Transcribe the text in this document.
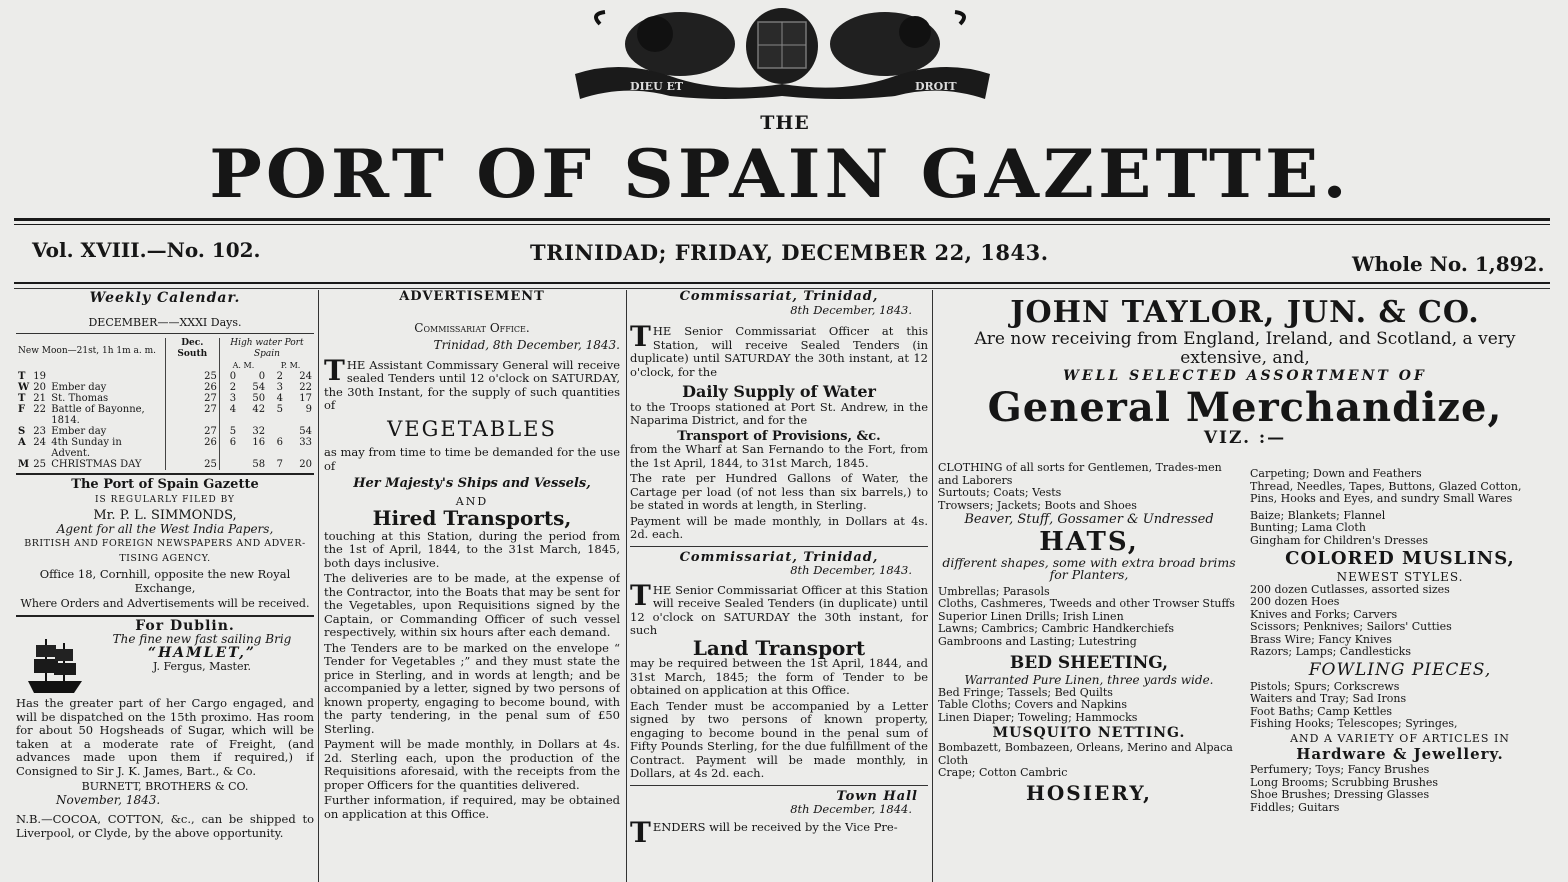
DIEU ET	DROIT
THE
PORT OF SPAIN GAZETTE.
Vol. XVIII.—No. 102.	TRINIDAD; FRIDAY, DECEMBER 22, 1843.	Whole No. 1,892.
Weekly Calendar.
DECEMBER——XXXI Days.
New Moon—21st, 1h 1m a. m.			Dec. South	High water Port Spain			
				A. M.		P. M.	
T	19		25	0	0	2	24
W	20	Ember day	26	2	54	3	22
T	21	St. Thomas	27	3	50	4	17
F	22	Battle of Bayonne, 1814.	27	4	42	5	9
S	23	Ember day	27	5	32		54
A	24	4th Sunday in Advent.	26	6	16	6	33
M	25	CHRISTMAS DAY	25		58	7	20
The Port of Spain Gazette
IS REGULARLY FILED BY
Mr. P. L. SIMMONDS,
Agent for all the West India Papers,

BRITISH AND FOREIGN NEWSPAPERS AND ADVER-TISING AGENCY.

Office 18, Cornhill, opposite the new Royal Exchange,

Where Orders and Advertisements will be received.

For Dublin.
The fine new fast sailing Brig
“HAMLET,”
J. Fergus, Master.

Has the greater part of her Cargo engaged, and will be dispatched on the 15th proximo. Has room for about 50 Hogsheads of Sugar, which will be taken at a moderate rate of Freight, (and advances made upon them if required,) if Consigned to Sir J. K. James, Bart., & Co.

BURNETT, BROTHERS & CO.
November, 1843.

N.B.—COCOA, COTTON, &c., can be shipped to Liverpool, or Clyde, by the above opportunity.

ADVERTISEMENT
Commissariat Office.
Trinidad, 8th December, 1843.

THE Assistant Commissary General will receive sealed Tenders until 12 o'clock on SATURDAY, the 30th Instant, for the supply of such quantities of

VEGETABLES

as may from time to time be demanded for the use of

Her Majesty's Ships and Vessels,
AND
Hired Transports,

touching at this Station, during the period from the 1st of April, 1844, to the 31st March, 1845, both days inclusive.

The deliveries are to be made, at the expense of the Contractor, into the Boats that may be sent for the Vegetables, upon Requisitions signed by the Captain, or Commanding Officer of such vessel respectively, within six hours after each demand.

The Tenders are to be marked on the envelope “ Tender for Vegetables ;” and they must state the price in Sterling, and in words at length; and be accompanied by a letter, signed by two persons of known property, engaging to become bound, with the party tendering, in the penal sum of £50 Sterling.

Payment will be made monthly, in Dollars at 4s. 2d. Sterling each, upon the production of the Requisitions aforesaid, with the receipts from the proper Officers for the quantities delivered.

Further information, if required, may be obtained on application at this Office.

Commissariat, Trinidad,
8th December, 1843.

THE Senior Commissariat Officer at this Station, will receive Sealed Tenders (in duplicate) until SATURDAY the 30th instant, at 12 o'clock, for the

Daily Supply of Water

to the Troops stationed at Port St. Andrew, in the Naparima District, and for the

Transport of Provisions, &c.

from the Wharf at San Fernando to the Fort, from the 1st April, 1844, to 31st March, 1845.

The rate per Hundred Gallons of Water, the Cartage per load (of not less than six barrels,) to be stated in words at length, in Sterling.

Payment will be made monthly, in Dollars at 4s. 2d. each.

Commissariat, Trinidad,
8th December, 1843.

THE Senior Commissariat Officer at this Station will receive Sealed Tenders (in duplicate) until 12 o'clock on SATURDAY the 30th instant, for such

Land Transport

may be required between the 1st April, 1844, and 31st March, 1845; the form of Tender to be obtained on application at this Office.

Each Tender must be accompanied by a Letter signed by two persons of known property, engaging to become bound in the penal sum of Fifty Pounds Sterling, for the due fulfillment of the Contract. Payment will be made monthly, in Dollars, at 4s 2d. each.

Town Hall
8th December, 1844.

TENDERS will be received by the Vice Pre-

JOHN TAYLOR, JUN. & CO.
Are now receiving from England, Ireland, and Scotland, a very extensive, and,
WELL SELECTED ASSORTMENT OF
General Merchandize,
VIZ. :—

CLOTHING of all sorts for Gentlemen, Trades-men and Laborers

Surtouts; Coats; Vests

Trowsers; Jackets; Boots and Shoes

Beaver, Stuff, Gossamer & Undressed

HATS,

different shapes, some with extra broad brims for Planters,

Umbrellas; Parasols

Cloths, Cashmeres, Tweeds and other Trowser Stuffs

Superior Linen Drills; Irish Linen

Lawns; Cambrics; Cambric Handkerchiefs

Gambroons and Lasting; Lutestring

BED SHEETING,

Warranted Pure Linen, three yards wide.

Bed Fringe; Tassels; Bed Quilts

Table Cloths; Covers and Napkins

Linen Diaper; Toweling; Hammocks

MUSQUITO NETTING.

Bombazett, Bombazeen, Orleans, Merino and Alpaca Cloth

Crape; Cotton Cambric

HOSIERY,

Carpeting; Down and Feathers

Thread, Needles, Tapes, Buttons, Glazed Cotton, Pins, Hooks and Eyes, and sundry Small Wares

Baize; Blankets; Flannel

Bunting; Lama Cloth

Gingham for Children's Dresses

COLORED MUSLINS,

NEWEST STYLES.

200 dozen Cutlasses, assorted sizes

200 dozen Hoes

Knives and Forks; Carvers

Scissors; Penknives; Sailors' Cutties

Brass Wire; Fancy Knives

Razors; Lamps; Candlesticks

FOWLING PIECES,

Pistols; Spurs; Corkscrews

Waiters and Tray; Sad Irons

Foot Baths; Camp Kettles

Fishing Hooks; Telescopes; Syringes,

AND A VARIETY OF ARTICLES IN

Hardware & Jewellery.

Perfumery; Toys; Fancy Brushes

Long Brooms; Scrubbing Brushes

Shoe Brushes; Dressing Glasses

Fiddles; Guitars
